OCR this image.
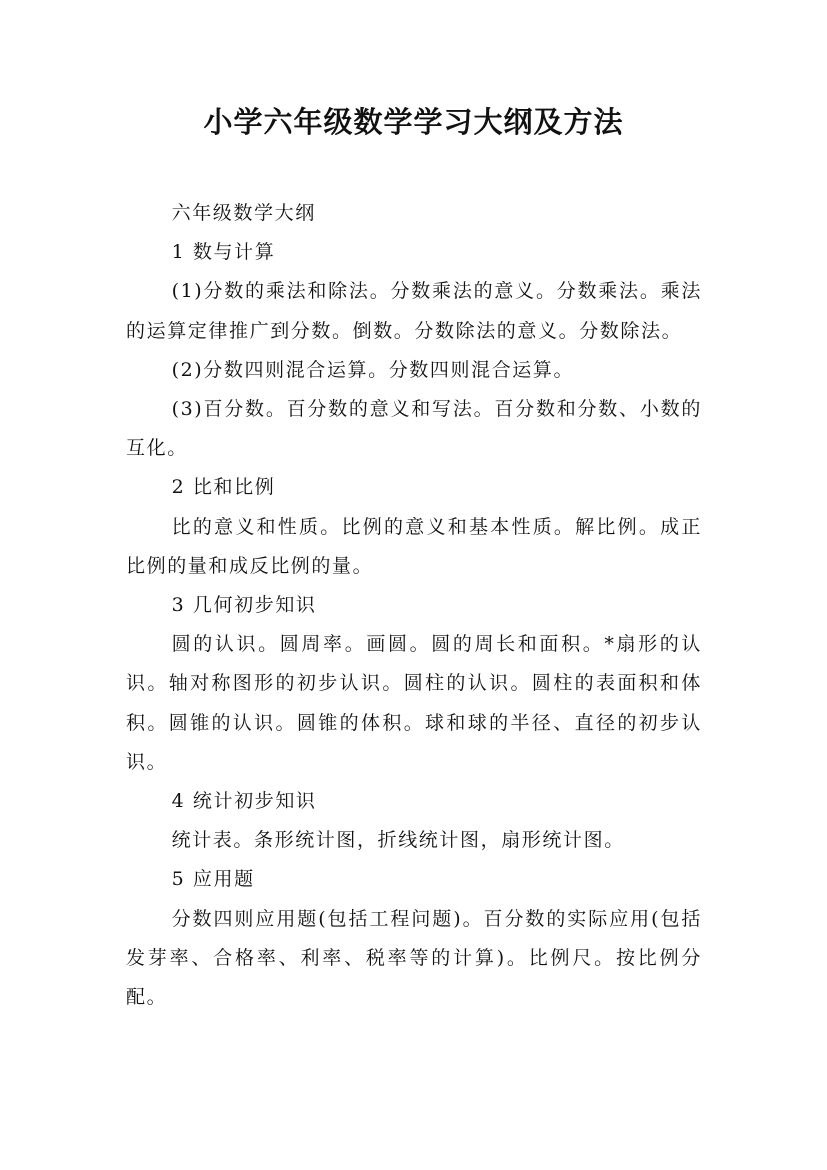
小学六年级数学学习大纲及方法

六年级数学大纲

1 数与计算

(1)分数的乘法和除法。分数乘法的意义。分数乘法。乘法的运算定律推广到分数。倒数。分数除法的意义。分数除法。

(2)分数四则混合运算。分数四则混合运算。

(3)百分数。百分数的意义和写法。百分数和分数、小数的互化。

2 比和比例

比的意义和性质。比例的意义和基本性质。解比例。成正比例的量和成反比例的量。

3 几何初步知识

圆的认识。圆周率。画圆。圆的周长和面积。*扇形的认识。轴对称图形的初步认识。圆柱的认识。圆柱的表面积和体积。圆锥的认识。圆锥的体积。球和球的半径、直径的初步认识。

4 统计初步知识

统计表。条形统计图，折线统计图，扇形统计图。

5 应用题

分数四则应用题(包括工程问题)。百分数的实际应用(包括发芽率、合格率、利率、税率等的计算)。比例尺。按比例分配。
